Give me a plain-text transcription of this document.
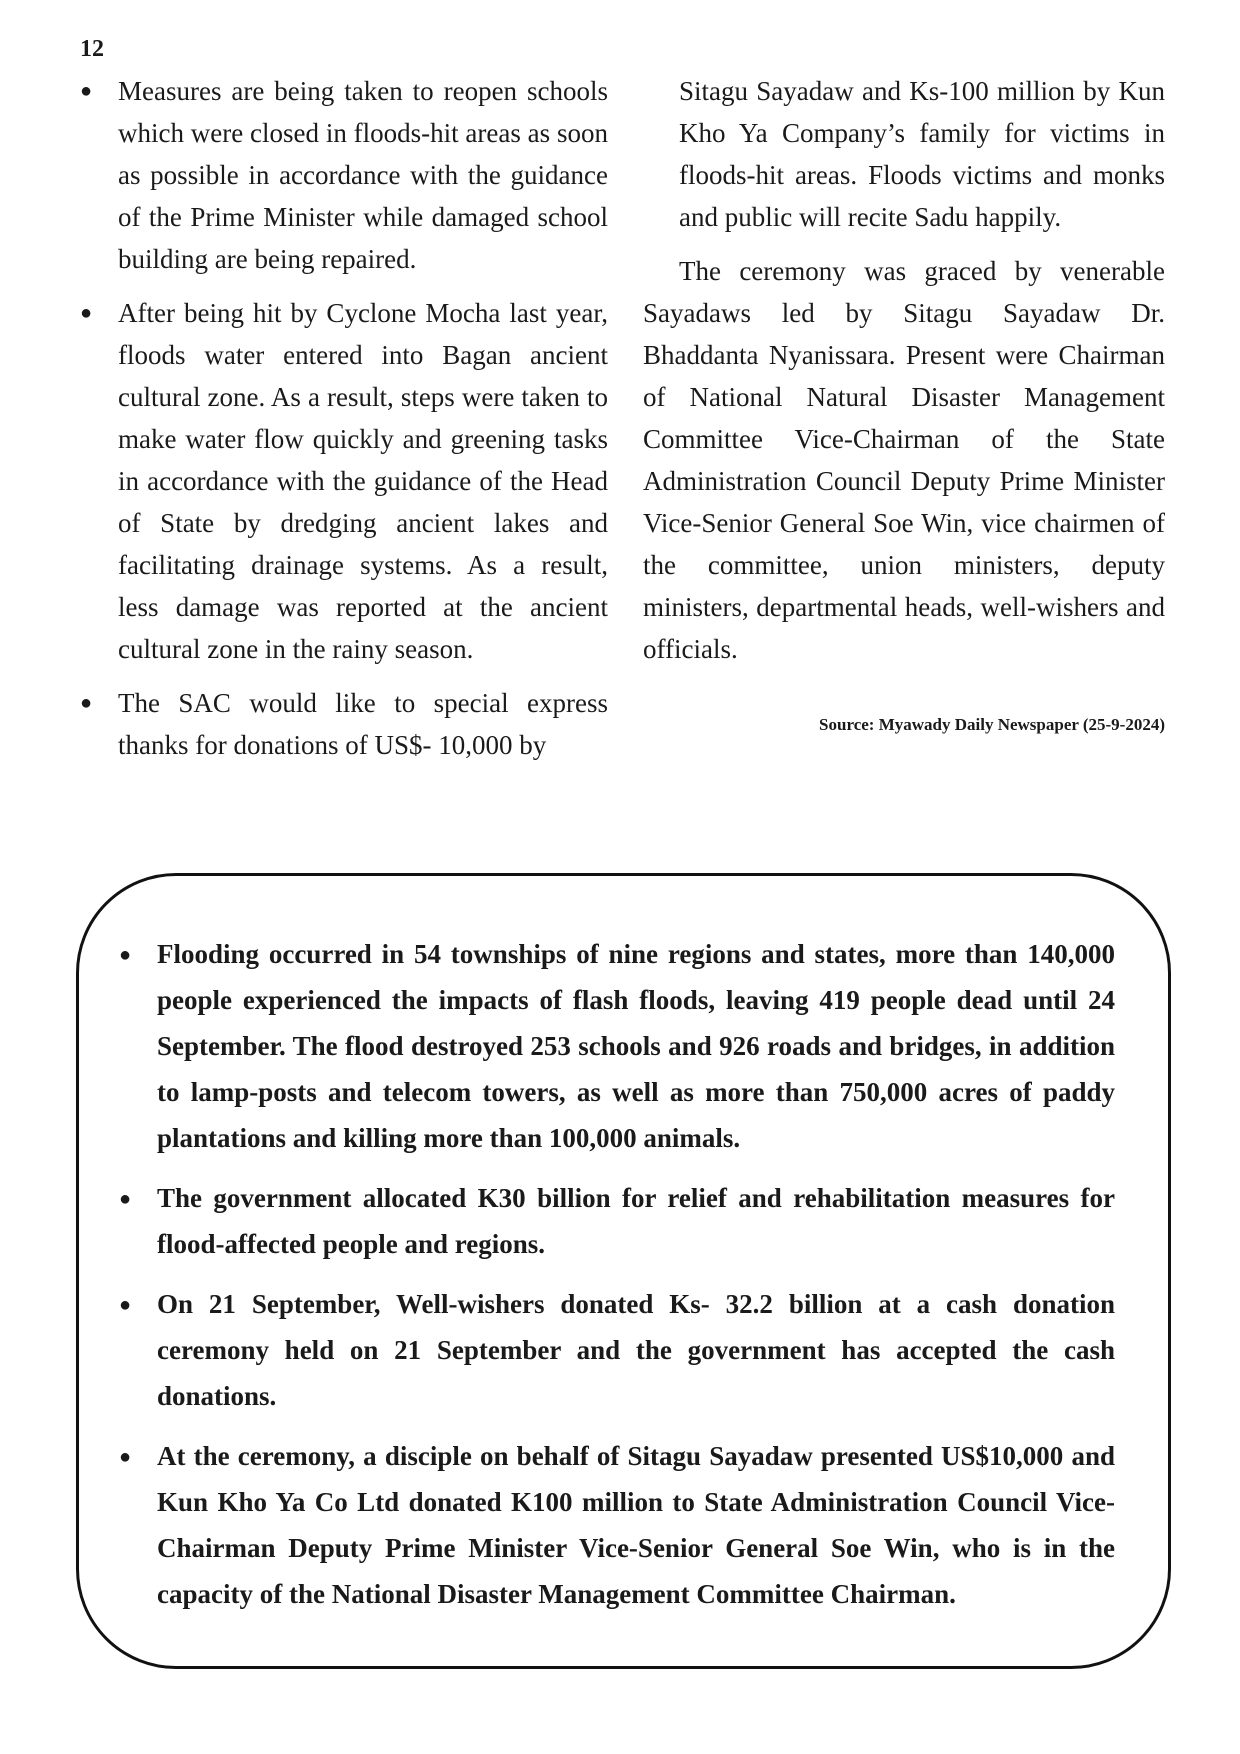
12
● Measures are being taken to reopen schools which were closed in floods-hit areas as soon as possible in accordance with the guidance of the Prime Minister while damaged school building are being repaired.
● After being hit by Cyclone Mocha last year, floods water entered into Bagan ancient cultural zone. As a result, steps were taken to make water flow quickly and greening tasks in accordance with the guidance of the Head of State by dredging ancient lakes and facilitating drainage systems. As a result, less damage was reported at the ancient cultural zone in the rainy season.
● The SAC would like to special express thanks for donations of US$- 10,000 by

Sitagu Sayadaw and Ks-100 million by Kun Kho Ya Company’s family for victims in floods-hit areas. Floods victims and monks and public will recite Sadu happily.

The ceremony was graced by venerable Sayadaws led by Sitagu Sayadaw Dr. Bhaddanta Nyanissara. Present were Chairman of National Natural Disaster Management Committee Vice-Chairman of the State Administration Council Deputy Prime Minister Vice-Senior General Soe Win, vice chairmen of the committee, union ministers, deputy ministers, departmental heads, well-wishers and officials.

Source: Myawady Daily Newspaper (25-9-2024)
● Flooding occurred in 54 townships of nine regions and states, more than 140,000 people experienced the impacts of flash floods, leaving 419 people dead until 24 September. The flood destroyed 253 schools and 926 roads and bridges, in addition to lamp-posts and telecom towers, as well as more than 750,000 acres of paddy plantations and killing more than 100,000 animals.
● The government allocated K30 billion for relief and rehabilitation measures for flood-affected people and regions.
● On 21 September, Well-wishers donated Ks- 32.2 billion at a cash donation ceremony held on 21 September and the government has accepted the cash donations.
● At the ceremony, a disciple on behalf of Sitagu Sayadaw presented US$10,000 and Kun Kho Ya Co Ltd donated K100 million to State Administration Council Vice-Chairman Deputy Prime Minister Vice-Senior General Soe Win, who is in the capacity of the National Disaster Management Committee Chairman.
